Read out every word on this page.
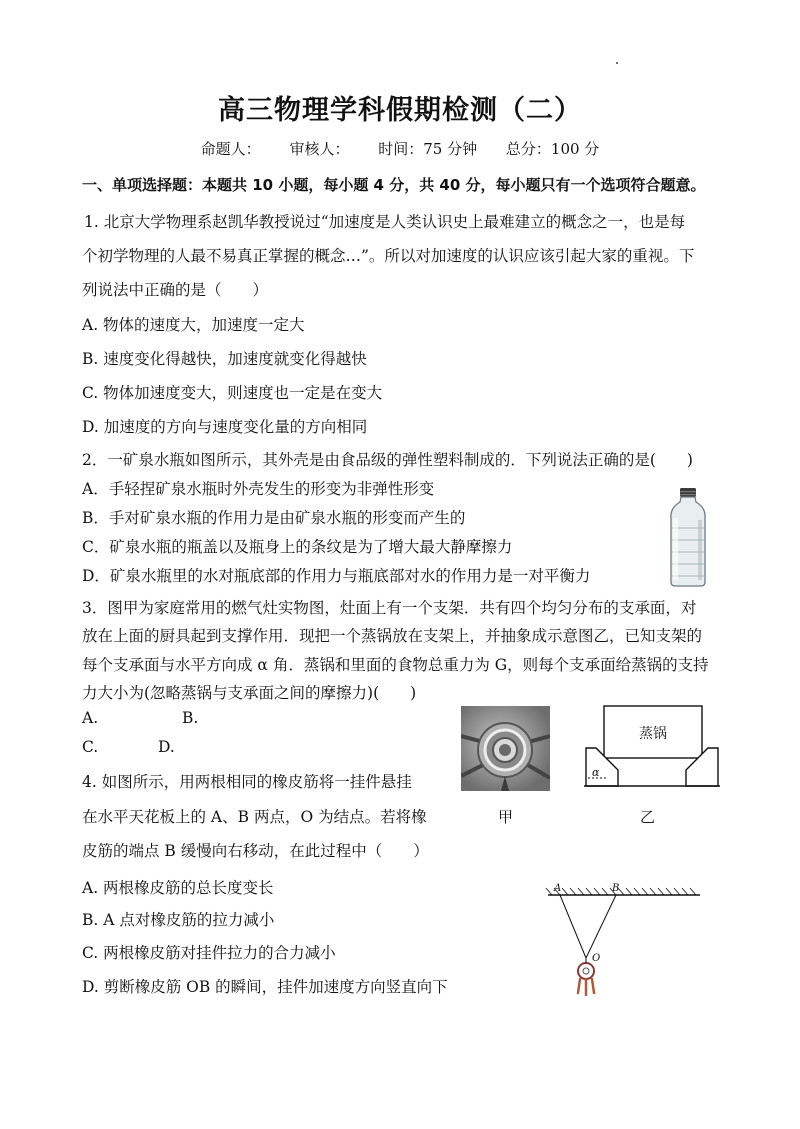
高三物理学科假期检测（二）
命题人： 审核人： 时间：75 分钟 总分：100 分
一、单项选择题：本题共 10 小题，每小题 4 分，共 40 分，每小题只有一个选项符合题意。
1. 北京大学物理系赵凯华教授说过“加速度是人类认识史上最难建立的概念之一，也是每
个初学物理的人最不易真正掌握的概念…”。所以对加速度的认识应该引起大家的重视。下
列说法中正确的是（　　）
A. 物体的速度大，加速度一定大
B. 速度变化得越快，加速度就变化得越快
C. 物体加速度变大，则速度也一定是在变大
D. 加速度的方向与速度变化量的方向相同
2．一矿泉水瓶如图所示，其外壳是由食品级的弹性塑料制成的．下列说法正确的是(　　)
A．手轻捏矿泉水瓶时外壳发生的形变为非弹性形变
B．手对矿泉水瓶的作用力是由矿泉水瓶的形变而产生的
C．矿泉水瓶的瓶盖以及瓶身上的条纹是为了增大最大静摩擦力
D．矿泉水瓶里的水对瓶底部的作用力与瓶底部对水的作用力是一对平衡力
3．图甲为家庭常用的燃气灶实物图，灶面上有一个支架．共有四个均匀分布的支承面，对
放在上面的厨具起到支撑作用．现把一个蒸锅放在支架上，并抽象成示意图乙，已知支架的
每个支承面与水平方向成 α 角．蒸锅和里面的食物总重力为 G，则每个支承面给蒸锅的支持
力大小为(忽略蒸锅与支承面之间的摩擦力)(　　)
A.	B.
C.	D.
甲
蒸锅
α
乙
4. 如图所示，用两根相同的橡皮筋将一挂件悬挂
在水平天花板上的 A、B 两点，O 为结点。若将橡
皮筋的端点 B 缓慢向右移动，在此过程中（　　）
A. 两根橡皮筋的总长度变长
B. A 点对橡皮筋的拉力减小
C. 两根橡皮筋对挂件拉力的合力减小
D. 剪断橡皮筋 OB 的瞬间，挂件加速度方向竖直向下
A	B
O
